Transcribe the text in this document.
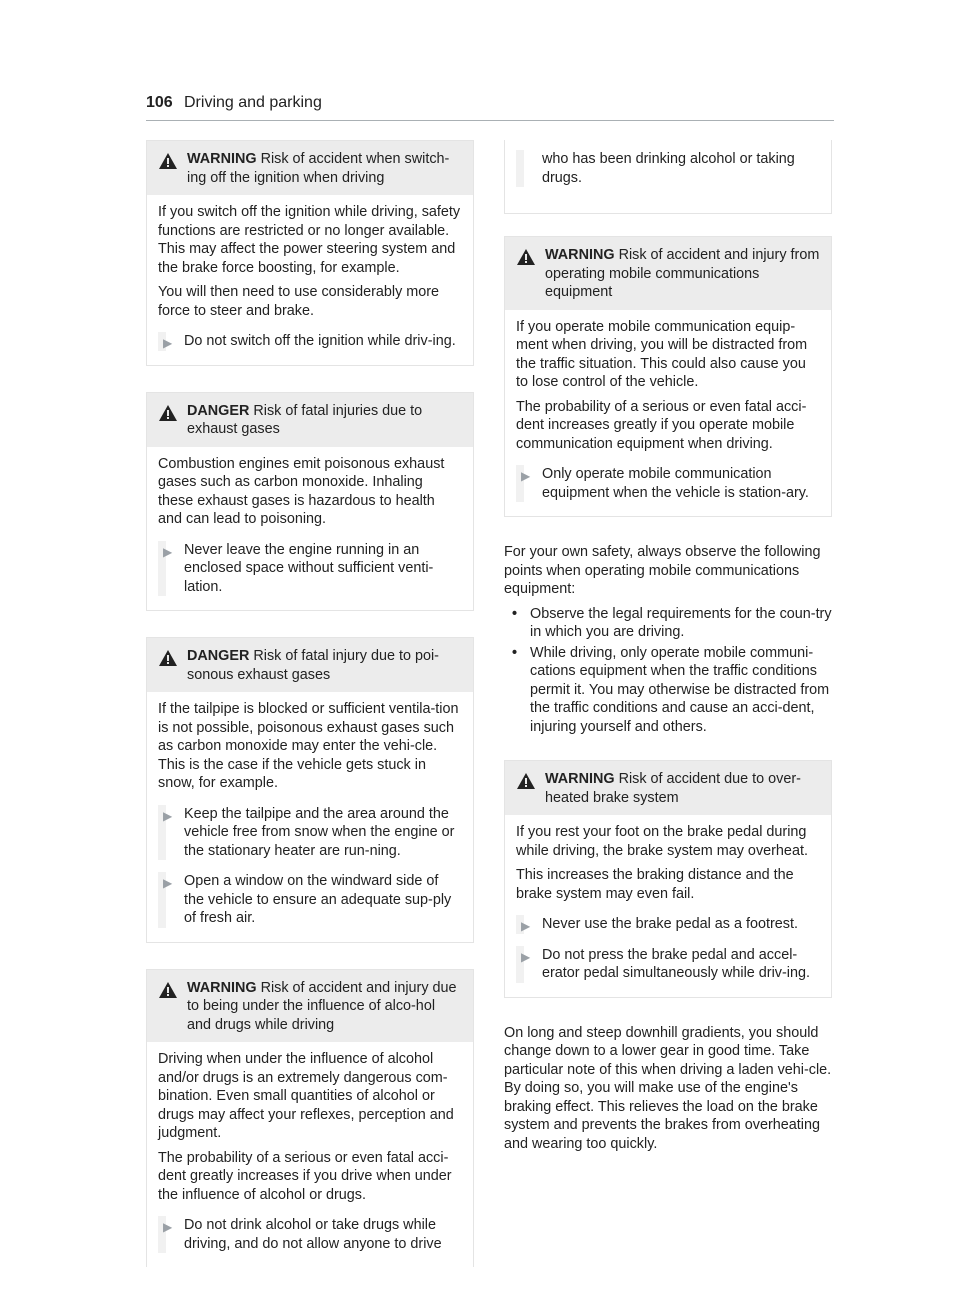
106 Driving and parking
WARNING Risk of accident when switch-ing off the ignition when driving

If you switch off the ignition while driving, safety functions are restricted or no longer available. This may affect the power steering system and the brake force boosting, for example.

You will then need to use considerably more force to steer and brake.

▶ Do not switch off the ignition while driv-ing.
DANGER Risk of fatal injuries due to exhaust gases

Combustion engines emit poisonous exhaust gases such as carbon monoxide. Inhaling these exhaust gases is hazardous to health and can lead to poisoning.

▶ Never leave the engine running in an enclosed space without sufficient venti-lation.
DANGER Risk of fatal injury due to poi-sonous exhaust gases

If the tailpipe is blocked or sufficient ventila-tion is not possible, poisonous exhaust gases such as carbon monoxide may enter the vehi-cle. This is the case if the vehicle gets stuck in snow, for example.

▶ Keep the tailpipe and the area around the vehicle free from snow when the engine or the stationary heater are run-ning.
▶ Open a window on the windward side of the vehicle to ensure an adequate sup-ply of fresh air.
WARNING Risk of accident and injury due to being under the influence of alco-hol and drugs while driving

Driving when under the influence of alcohol and/or drugs is an extremely dangerous com-bination. Even small quantities of alcohol or drugs may affect your reflexes, perception and judgment.

The probability of a serious or even fatal acci-dent greatly increases if you drive when under the influence of alcohol or drugs.

▶ Do not drink alcohol or take drugs while driving, and do not allow anyone to drive
who has been drinking alcohol or taking drugs.
WARNING Risk of accident and injury from operating mobile communications equipment

If you operate mobile communication equip-ment when driving, you will be distracted from the traffic situation. This could also cause you to lose control of the vehicle.

The probability of a serious or even fatal acci-dent increases greatly if you operate mobile communication equipment when driving.

▶ Only operate mobile communication equipment when the vehicle is station-ary.

For your own safety, always observe the following points when operating mobile communications equipment:

• Observe the legal requirements for the coun-try in which you are driving.
• While driving, only operate mobile communi-cations equipment when the traffic conditions permit it. You may otherwise be distracted from the traffic conditions and cause an acci-dent, injuring yourself and others.
WARNING Risk of accident due to over-heated brake system

If you rest your foot on the brake pedal during while driving, the brake system may overheat.

This increases the braking distance and the brake system may even fail.

▶ Never use the brake pedal as a footrest.
▶ Do not press the brake pedal and accel-erator pedal simultaneously while driv-ing.

On long and steep downhill gradients, you should change down to a lower gear in good time. Take particular note of this when driving a laden vehi-cle. By doing so, you will make use of the engine's braking effect. This relieves the load on the brake system and prevents the brakes from overheating and wearing too quickly.
